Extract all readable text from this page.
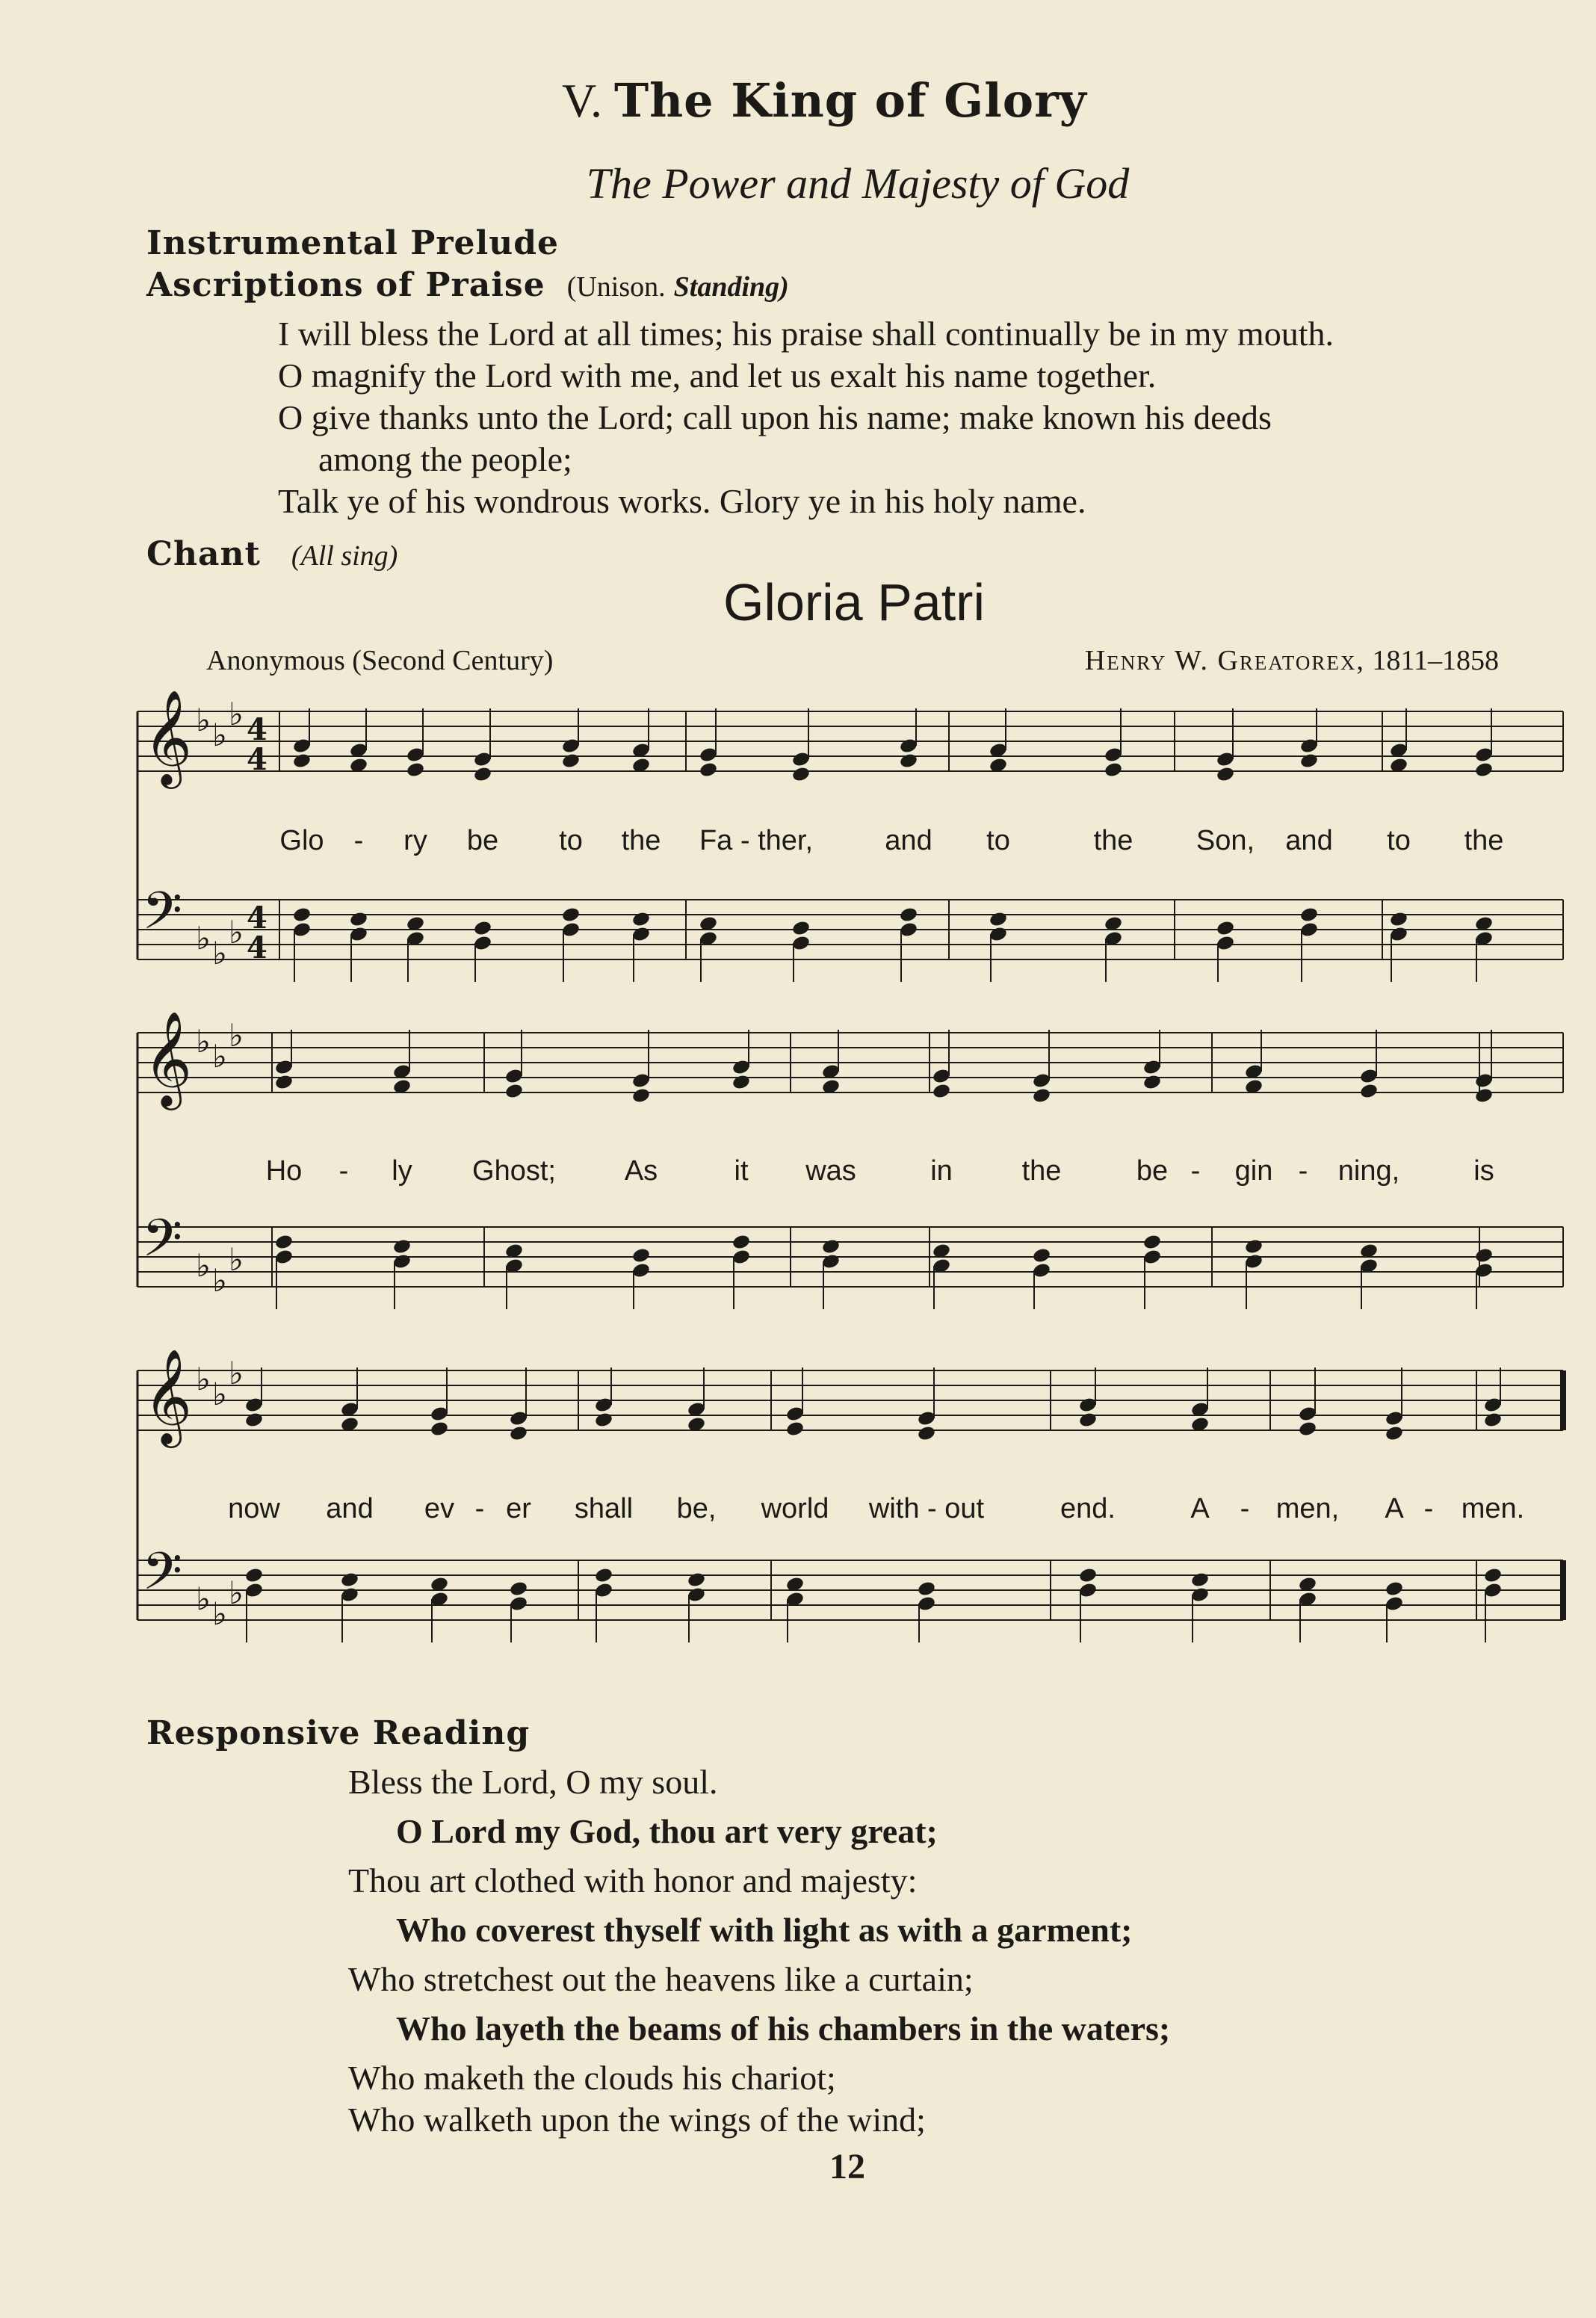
V. The King of Glory
The Power and Majesty of God
Instrumental Prelude
Ascriptions of Praise (Unison. Standing)
I will bless the Lord at all times; his praise shall continually be in my mouth.
O magnify the Lord with me, and let us exalt his name together.
O give thanks unto the Lord; call upon his name; make known his deeds
among the people;
Talk ye of his wondrous works. Glory ye in his holy name.
Chant (All sing)
Gloria Patri
Anonymous (Second Century)	Henry W. Greatorex, 1811–1858
𝄞
𝄢
♭ ♭
♭
♭ ♭
♭
4
4
4
4
𝄞
𝄢
♭ ♭
♭
♭ ♭
♭
𝄞
𝄢
♭ ♭
♭
♭ ♭
♭
Glo - ry be to the Fa - ther,	and to	the Son, and to the
Ho - ly Ghost; As	it was	in the	be - gin - ning,	is
now and ev - er shall be, world with - out	end.	A - men, A - men.
Responsive Reading
Bless the Lord, O my soul.
O Lord my God, thou art very great;
Thou art clothed with honor and majesty:
Who coverest thyself with light as with a garment;
Who stretchest out the heavens like a curtain;
Who layeth the beams of his chambers in the waters;
Who maketh the clouds his chariot;
Who walketh upon the wings of the wind;
12
